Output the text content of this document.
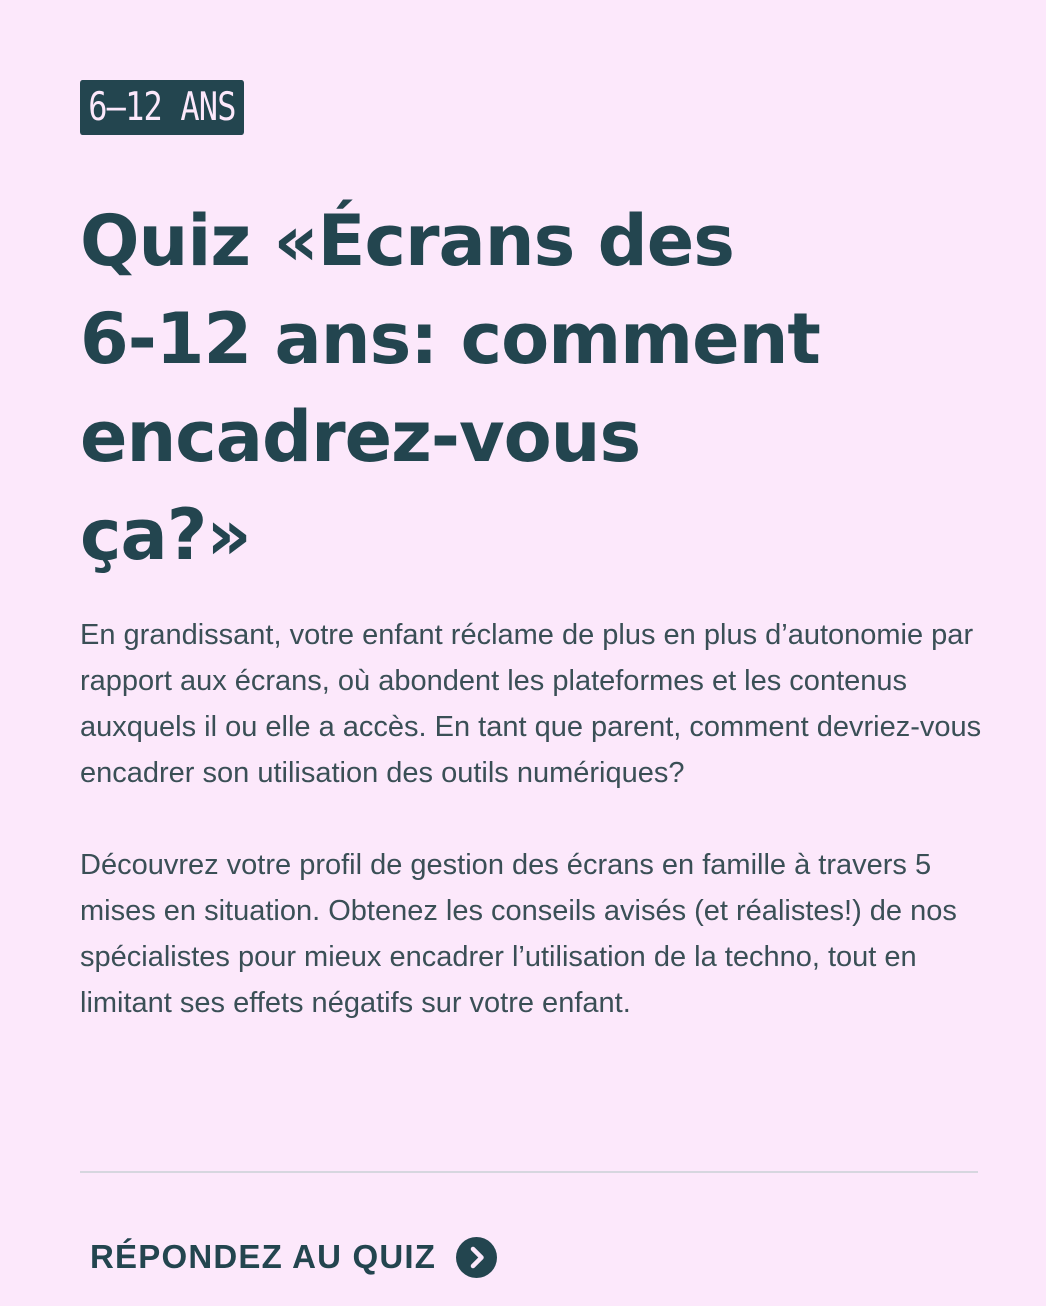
6–12 ANS
Quiz «Écrans des
6-12 ans: comment
encadrez-vous
ça?»

En grandissant, votre enfant réclame de plus en plus d’autonomie par rapport aux écrans, où abondent les plateformes et les contenus auxquels il ou elle a accès. En tant que parent, comment devriez-vous encadrer son utilisation des outils numériques?

Découvrez votre profil de gestion des écrans en famille à travers 5 mises en situation. Obtenez les conseils avisés (et réalistes!) de nos spécialistes pour mieux encadrer l’utilisation de la techno, tout en limitant ses effets négatifs sur votre enfant.

RÉPONDEZ AU QUIZ
